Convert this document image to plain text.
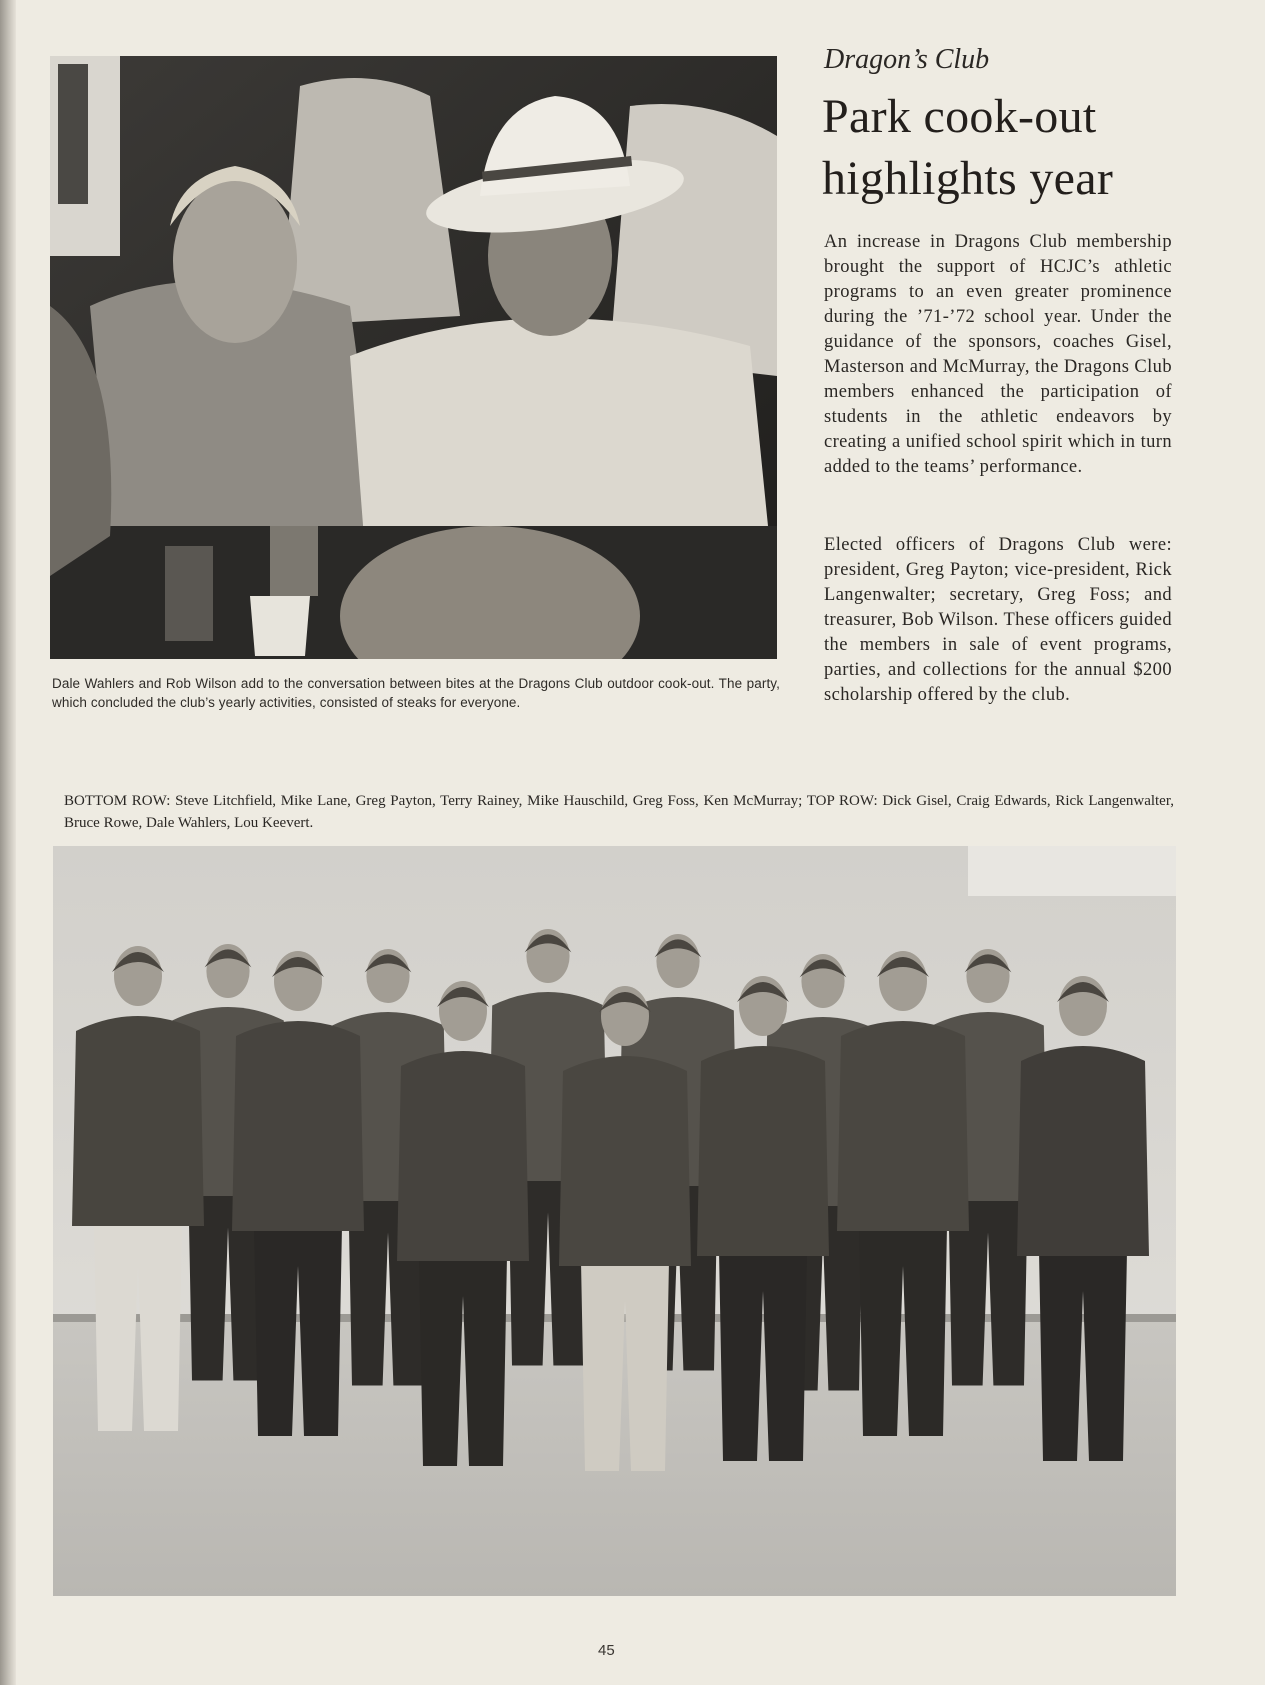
Dale Wahlers and Rob Wilson add to the conversation between bites at the Dragons Club outdoor cook-out. The party, which concluded the club’s yearly activities, consisted of steaks for everyone.

Dragon’s Club

Park cook-out highlights year

An increase in Dragons Club membership brought the support of HCJC’s athletic programs to an even greater prominence during the ’71-’72 school year. Under the guidance of the sponsors, coaches Gisel, Masterson and McMurray, the Dragons Club members enhanced the participation of students in the athletic endeavors by creating a unified school spirit which in turn added to the teams’ performance.

Elected officers of Dragons Club were: president, Greg Payton; vice-president, Rick Langenwalter; secretary, Greg Foss; and treasurer, Bob Wilson. These officers guided the members in sale of event programs, parties, and collections for the annual $200 scholarship offered by the club.

BOTTOM ROW: Steve Litchfield, Mike Lane, Greg Payton, Terry Rainey, Mike Hauschild, Greg Foss, Ken McMurray; TOP ROW: Dick Gisel, Craig Edwards, Rick Langenwalter, Bruce Rowe, Dale Wahlers, Lou Keevert.

45
